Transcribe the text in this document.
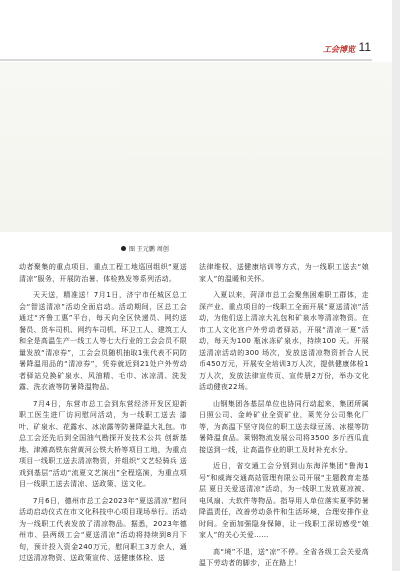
工会博览 11
图 王元鹏 周创

动者聚集的重点项目、重点工程工地巡回组织“夏送清凉”服务，开展防治暑、体检熟发等系列活动。

天天送，精准送！7月1日，济宁市任城区总工会“智送清凉”活动全面启动。活动期间，区总工会通过“齐鲁工惠”平台，每天向全区快递员、网约送餐员、货车司机、网约车司机、环卫工人、建筑工人和全是高温生产一线工人等七大行业的工会会员不限量发放“清凉券”，工会会员随机抽取1张代表不同防暑降温用品的“清凉券”，凭券就近到21处户外劳动者驿站兑换矿泉水、风油精、毛巾、冰凉清、洗发露、洗衣液等防暑降温物品。

7月4日，东营市总工会到东营经济开发区迎新职工医生进厂访问慰问活动，为一线职工送去 漆叶、矿泉水、花露水、冰凉露等防暑降温大礼包。市总工会还先后到全国油气勘探开发技术公共 创新基地、津滩高铁东营黄河公铁大桥等项目工地，为重点项目一线职工送去清凉物资，并组织“文艺轻骑兵 送戏到基层”活动“流夏文艺演出”全程巡演，为重点项目一线职工送去清凉、送政策、送文化。

7月6日，德州市总工会2023年“夏送清凉”慰问活动启动仪式在市文化科技中心项目现场举行。活动为一线职工代表发放了清凉物品。据悉，2023年德州市、县两级工会“夏送清凉”活动将持续到8月下旬，预计投入资金240万元，慰问职工3万余人，通过送清凉物资、送政策宣传、送健康体检、送

法律维权、送健康培训等方式，为一线职工送去“娘家人”的温暖和关怀。

入夏以来，菏泽市总工会聚焦困难职工群体，走深产业、重点项目的一线职工全面开展“夏送清凉”活动，为他们送上清凉大礼包和矿泉水等清凉物资。在市工人文化宫户外劳动者驿站，开展“清凉一夏”活动，每天为100 瓶冰冻矿泉水，持续100 天。开展送清凉活动的300 场次，发放送清凉物资折合人民币450万元，开展安全培训3万人次，提供健康体检1万人次，发放法律宣传页、宣传册2万份，举办文化活动健夜22场。

山钢集团各基层单位也协同行动起来，集团所属日照公司、金岭矿业全资矿业，莱芜分公司集化厂等，为高温下坚守岗位的职工送去绿豆汤、冰棍等防暑降温食品。莱钢物流发展公司将3500 多斤西瓜直接送到一线，让高温作业的职工及时补充水分。

近日，省交通工会分别到山东海洋集团“鲁海1号”和威海交通高站管理有限公司开展“主题教育走基层 夏日关爱送清凉”活动，为一线职工发放夏凉被、电风扇、大软件等物品。指导用人单位落实夏季防暑降温责任，改善劳动条件和生活环境，合理安排作业时间。全面加强隐身保障，让一线职工深切感受“娘家人”的关心关爱……

高“境”不退，送“凉”不停。全省各级工会关爱高温下劳动者的脚步，正在路上！
